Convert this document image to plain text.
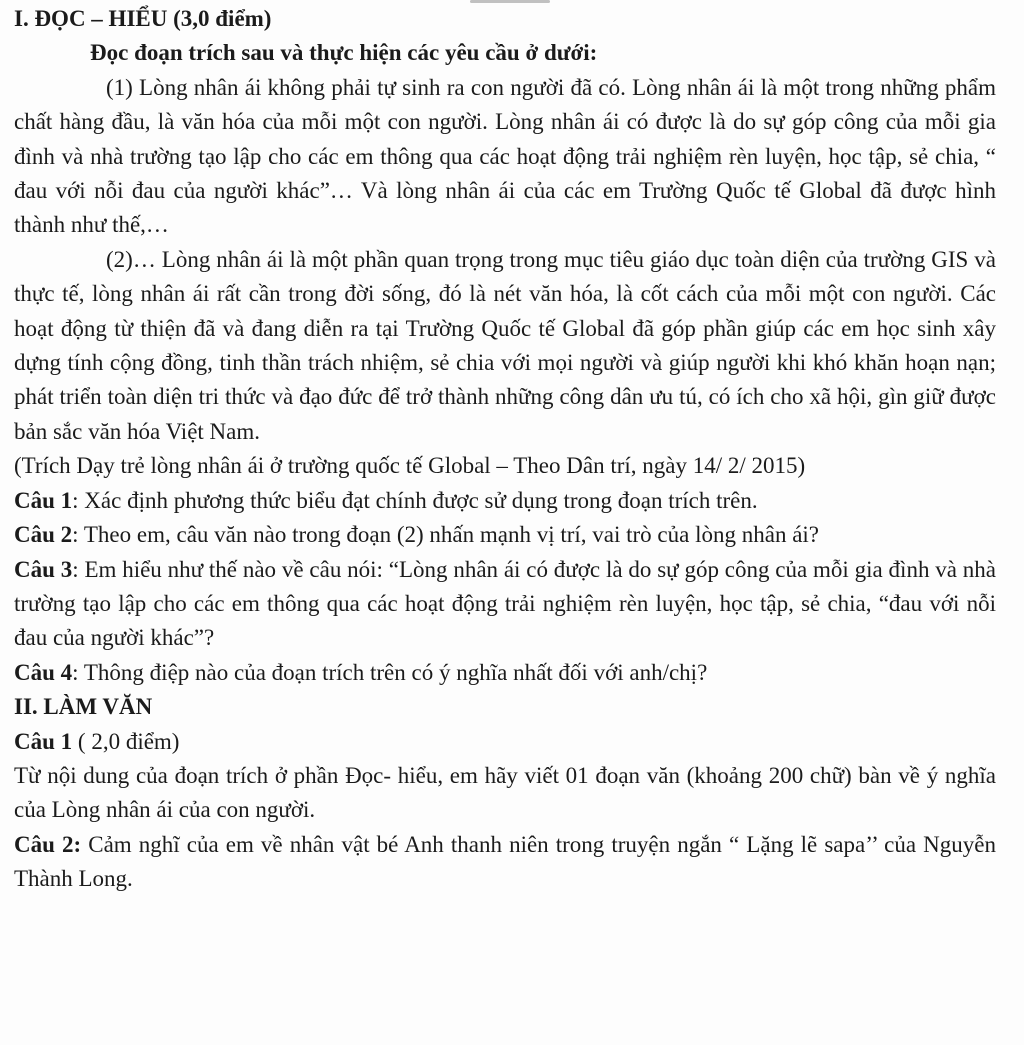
I. ĐỌC – HIỂU (3,0 điểm)

Đọc đoạn trích sau và thực hiện các yêu cầu ở dưới:

(1) Lòng nhân ái không phải tự sinh ra con người đã có. Lòng nhân ái là một trong những phẩm chất hàng đầu, là văn hóa của mỗi một con người. Lòng nhân ái có được là do sự góp công của mỗi gia đình và nhà trường tạo lập cho các em thông qua các hoạt động trải nghiệm rèn luyện, học tập, sẻ chia, “ đau với nỗi đau của người khác”… Và lòng nhân ái của các em Trường Quốc tế Global đã được hình thành như thế,…

(2)… Lòng nhân ái là một phần quan trọng trong mục tiêu giáo dục toàn diện của trường GIS và thực tế, lòng nhân ái rất cần trong đời sống, đó là nét văn hóa, là cốt cách của mỗi một con người. Các hoạt động từ thiện đã và đang diễn ra tại Trường Quốc tế Global đã góp phần giúp các em học sinh xây dựng tính cộng đồng, tinh thần trách nhiệm, sẻ chia với mọi người và giúp người khi khó khăn hoạn nạn; phát triển toàn diện tri thức và đạo đức để trở thành những công dân ưu tú, có ích cho xã hội, gìn giữ được bản sắc văn hóa Việt Nam.

(Trích Dạy trẻ lòng nhân ái ở trường quốc tế Global – Theo Dân trí, ngày 14/ 2/ 2015)

Câu 1: Xác định phương thức biểu đạt chính được sử dụng trong đoạn trích trên.

Câu 2: Theo em, câu văn nào trong đoạn (2) nhấn mạnh vị trí, vai trò của lòng nhân ái?

Câu 3: Em hiểu như thế nào về câu nói: “Lòng nhân ái có được là do sự góp công của mỗi gia đình và nhà trường tạo lập cho các em thông qua các hoạt động trải nghiệm rèn luyện, học tập, sẻ chia, “đau với nỗi đau của người khác”?

Câu 4: Thông điệp nào của đoạn trích trên có ý nghĩa nhất đối với anh/chị?

II. LÀM VĂN

Câu 1 ( 2,0 điểm)

Từ nội dung của đoạn trích ở phần Đọc- hiểu, em hãy viết 01 đoạn văn (khoảng 200 chữ) bàn về ý nghĩa của Lòng nhân ái của con người.

Câu 2: Cảm nghĩ của em về nhân vật bé Anh thanh niên trong truyện ngắn “ Lặng lẽ sapa’’ của Nguyễn Thành Long.
